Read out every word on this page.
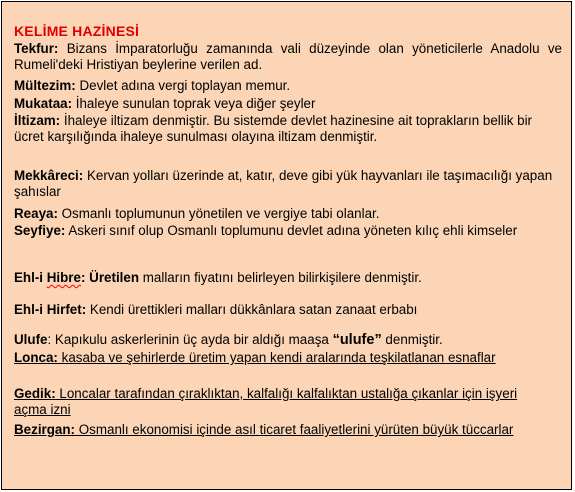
KELİME HAZİNESİ
Tekfur: Bizans İmparatorluğu zamanında vali düzeyinde olan yöneticilerle Anadolu ve Rumeli'deki Hristiyan beylerine verilen ad.
Mültezim: Devlet adına vergi toplayan memur.
Mukataa: İhaleye sunulan toprak veya diğer şeyler
İltizam: İhaleye iltizam denmiştir. Bu sistemde devlet hazinesine ait toprakların bellik bir ücret karşılığında ihaleye sunulması olayına iltizam denmiştir.
Mekkâreci: Kervan yolları üzerinde at, katır, deve gibi yük hayvanları ile taşımacılığı yapan şahıslar
Reaya: Osmanlı toplumunun yönetilen ve vergiye tabi olanlar.
Seyfiye: Askeri sınıf olup Osmanlı toplumunu devlet adına yöneten kılıç ehli kimseler
Ehl-i Hibre: Üretilen malların fiyatını belirleyen bilirkişilere denmiştir.
Ehl-i Hirfet: Kendi ürettikleri malları dükkânlara satan zanaat erbabı
Ulufe: Kapıkulu askerlerinin üç ayda bir aldığı maaşa “ulufe” denmiştir.
Lonca: kasaba ve şehirlerde üretim yapan kendi aralarında teşkilatlanan esnaflar
Gedik: Loncalar tarafından çıraklıktan, kalfalığı kalfalıktan ustalığa çıkanlar için işyeri açma izni
Bezirgan: Osmanlı ekonomisi içinde asıl ticaret faaliyetlerini yürüten büyük tüccarlar
